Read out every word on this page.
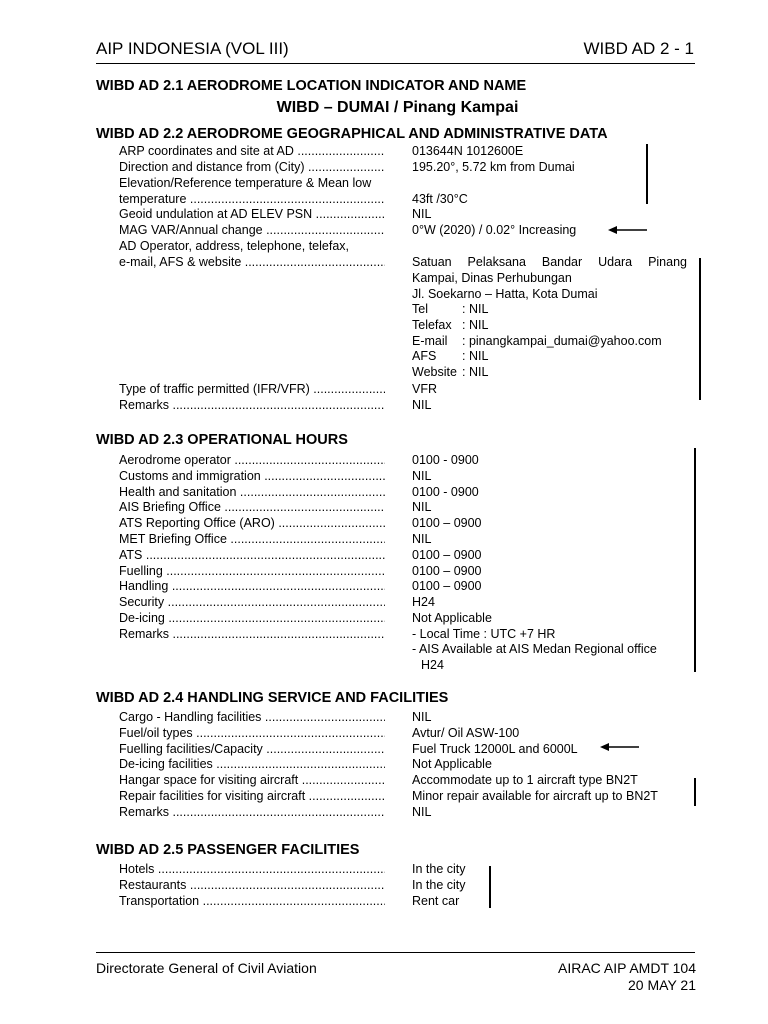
AIP INDONESIA (VOL III)	WIBD AD 2 - 1
WIBD AD 2.1 AERODROME LOCATION INDICATOR AND NAME
WIBD – DUMAI / Pinang Kampai
WIBD AD 2.2 AERODROME GEOGRAPHICAL AND ADMINISTRATIVE DATA
ARP coordinates and site at AD .....	013644N 1012600E
Direction and distance from (City) .....	195.20°, 5.72 km from Dumai
Elevation/Reference temperature & Mean low
temperature .....	43ft /30°C
Geoid undulation at AD ELEV PSN .....	NIL
MAG VAR/Annual change .....	0°W (2020) / 0.02° Increasing
AD Operator, address, telephone, telefax,
e-mail, AFS & website .....	Satuan Pelaksana Bandar Udara Pinang
Kampai, Dinas Perhubungan
Jl. Soekarno – Hatta, Kota Dumai
Tel	: NIL
Telefax : NIL
E-mail : pinangkampai_dumai@yahoo.com
AFS : NIL
Website : NIL
Type of traffic permitted (IFR/VFR) .....	VFR
Remarks .....	NIL
WIBD AD 2.3 OPERATIONAL HOURS
Aerodrome operator .....	0100 - 0900
Customs and immigration .....	NIL
Health and sanitation .....	0100 - 0900
AIS Briefing Office .....	NIL
ATS Reporting Office (ARO) .....	0100 – 0900
MET Briefing Office .....	NIL
ATS .....	0100 – 0900
Fuelling .....	0100 – 0900
Handling .....	0100 – 0900
Security .....	H24
De-icing .....	Not Applicable
Remarks .....	- Local Time : UTC +7 HR
- AIS Available at AIS Medan Regional office
H24
WIBD AD 2.4 HANDLING SERVICE AND FACILITIES
Cargo - Handling facilities .....	NIL
Fuel/oil types .....	Avtur/ Oil ASW-100
Fuelling facilities/Capacity .....	Fuel Truck 12000L and 6000L
De-icing facilities .....	Not Applicable
Hangar space for visiting aircraft .....	Accommodate up to 1 aircraft type BN2T
Repair facilities for visiting aircraft .....	Minor repair available for aircraft up to BN2T
Remarks .....	NIL
WIBD AD 2.5 PASSENGER FACILITIES
Hotels .....	In the city
Restaurants .....	In the city
Transportation .....	Rent car
Directorate General of Civil Aviation	AIRAC AIP AMDT 104
20 MAY 21
